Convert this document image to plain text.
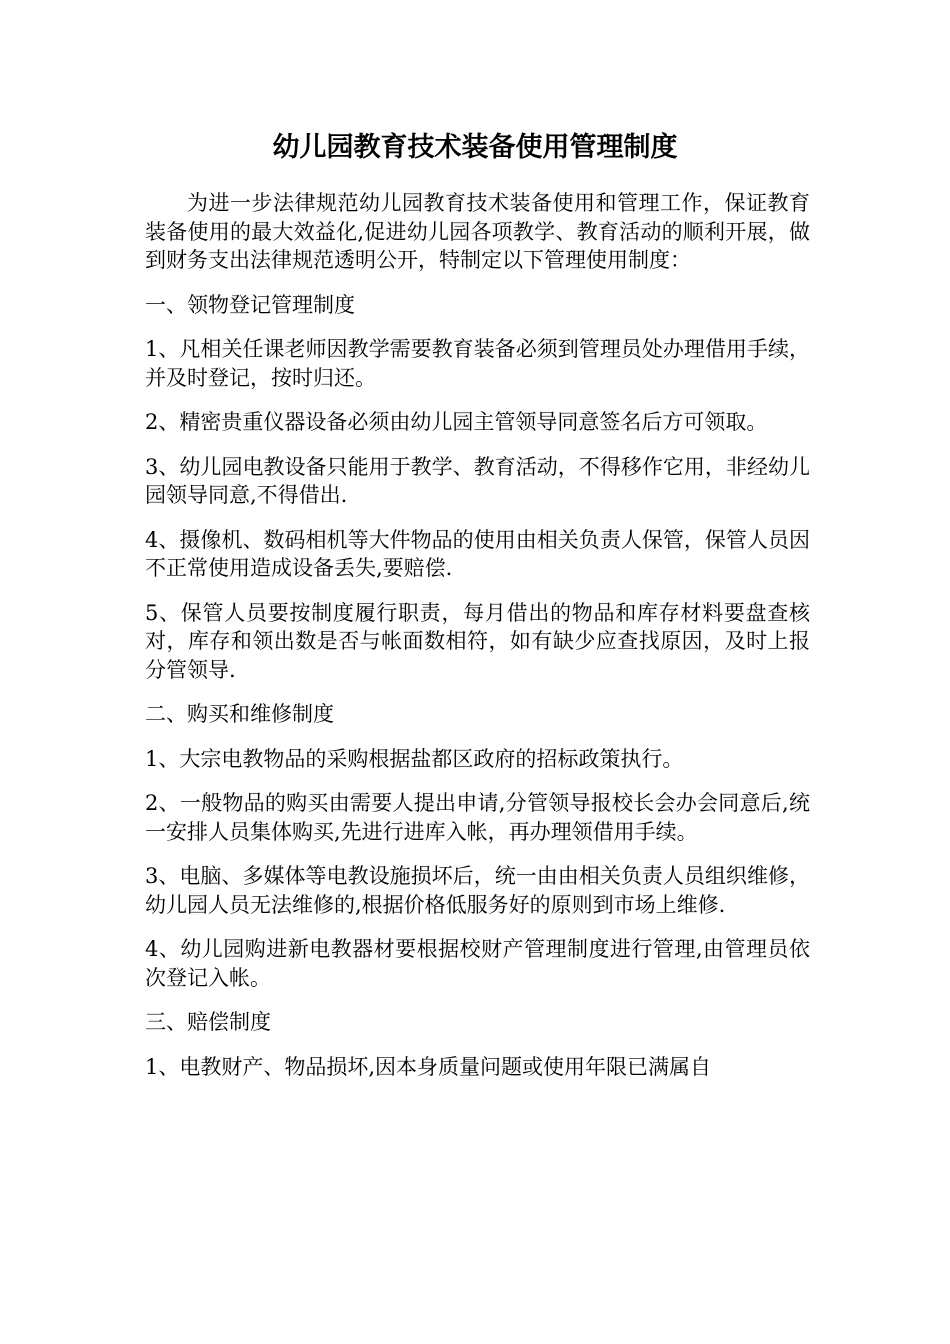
幼儿园教育技术装备使用管理制度

为进一步法律规范幼儿园教育技术装备使用和管理工作，保证教育装备使用的最大效益化,促进幼儿园各项教学、教育活动的顺利开展，做到财务支出法律规范透明公开，特制定以下管理使用制度：

一、领物登记管理制度

1、凡相关任课老师因教学需要教育装备必须到管理员处办理借用手续，并及时登记，按时归还。

2、精密贵重仪器设备必须由幼儿园主管领导同意签名后方可领取。

3、幼儿园电教设备只能用于教学、教育活动，不得移作它用，非经幼儿园领导同意,不得借出.

4、摄像机、数码相机等大件物品的使用由相关负责人保管，保管人员因不正常使用造成设备丢失,要赔偿.

5、保管人员要按制度履行职责，每月借出的物品和库存材料要盘查核对，库存和领出数是否与帐面数相符，如有缺少应查找原因，及时上报分管领导.

二、购买和维修制度

1、大宗电教物品的采购根据盐都区政府的招标政策执行。

2、一般物品的购买由需要人提出申请,分管领导报校长会办会同意后,统一安排人员集体购买,先进行进库入帐，再办理领借用手续。

3、电脑、多媒体等电教设施损坏后，统一由由相关负责人员组织维修，幼儿园人员无法维修的,根据价格低服务好的原则到市场上维修.

4、幼儿园购进新电教器材要根据校财产管理制度进行管理,由管理员依次登记入帐。

三、赔偿制度

1、电教财产、物品损坏,因本身质量问题或使用年限已满属自
